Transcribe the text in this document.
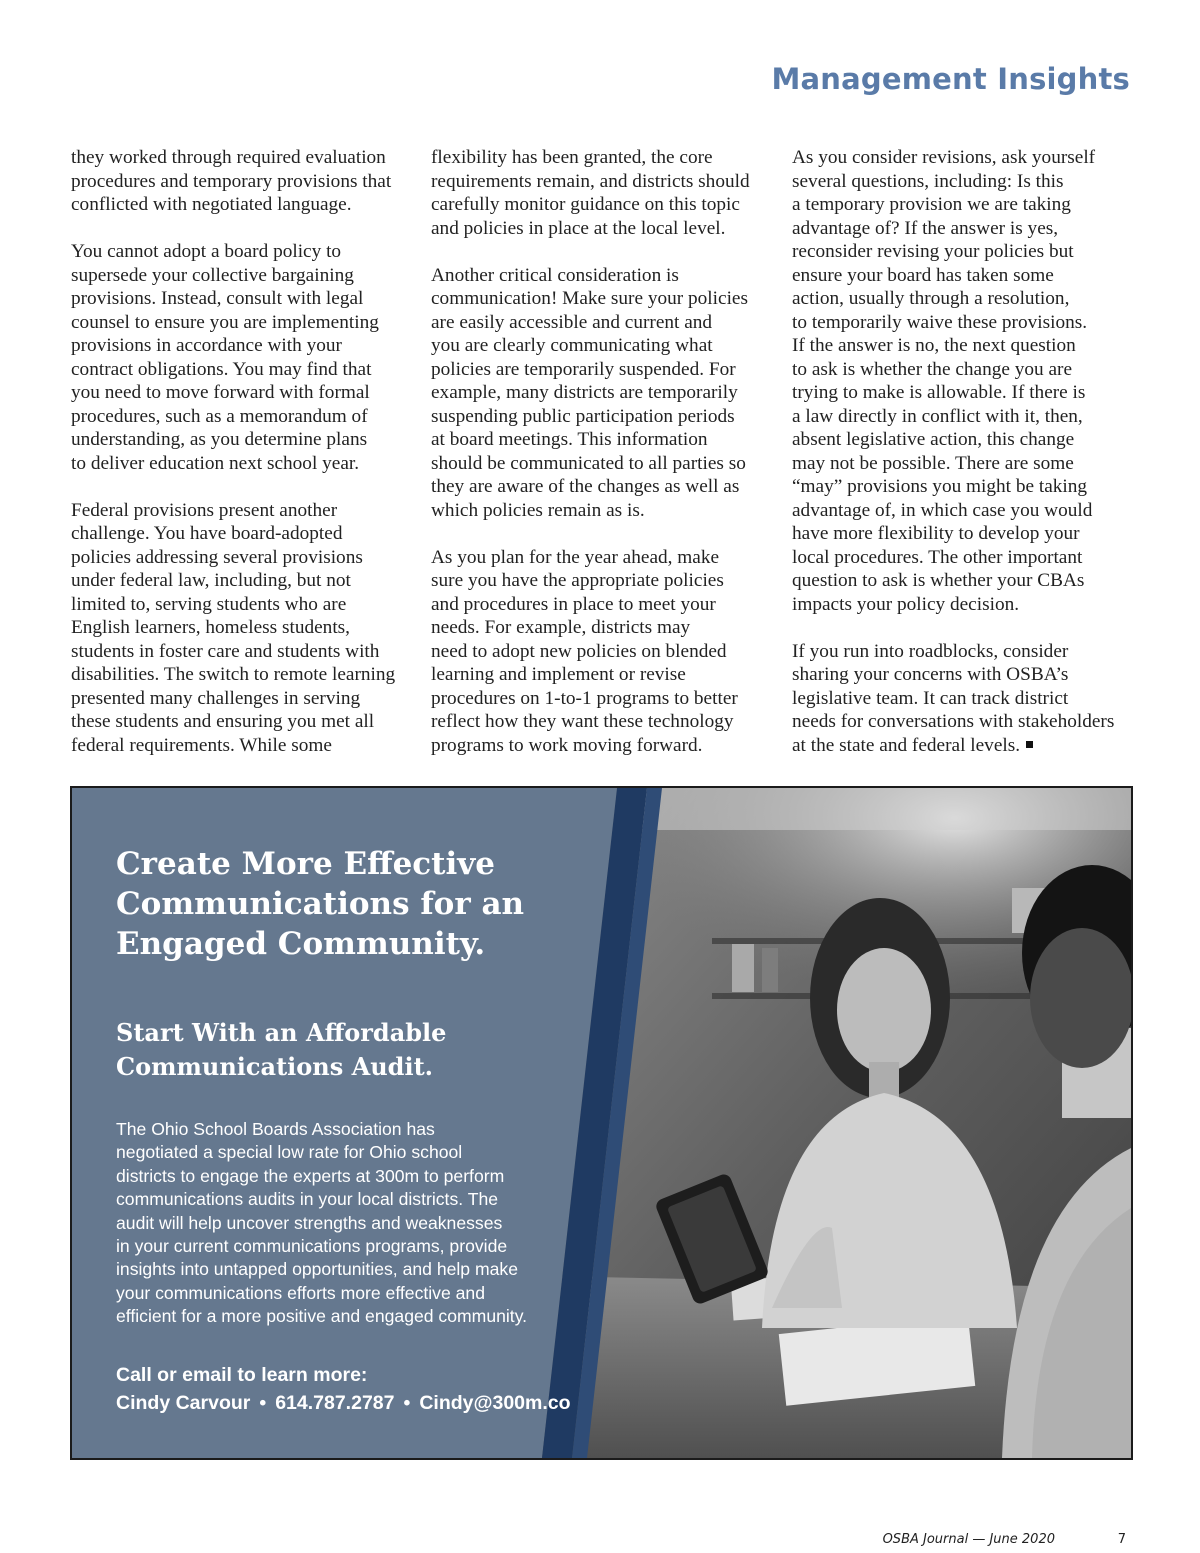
Management Insights

they worked through required evaluation
procedures and temporary provisions that
conflicted with negotiated language.

You cannot adopt a board policy to
supersede your collective bargaining
provisions. Instead, consult with legal
counsel to ensure you are implementing
provisions in accordance with your
contract obligations. You may find that
you need to move forward with formal
procedures, such as a memorandum of
understanding, as you determine plans
to deliver education next school year.

Federal provisions present another
challenge. You have board-adopted
policies addressing several provisions
under federal law, including, but not
limited to, serving students who are
English learners, homeless students,
students in foster care and students with
disabilities. The switch to remote learning
presented many challenges in serving
these students and ensuring you met all
federal requirements. While some

flexibility has been granted, the core
requirements remain, and districts should
carefully monitor guidance on this topic
and policies in place at the local level.

Another critical consideration is
communication! Make sure your policies
are easily accessible and current and
you are clearly communicating what
policies are temporarily suspended. For
example, many districts are temporarily
suspending public participation periods
at board meetings. This information
should be communicated to all parties so
they are aware of the changes as well as
which policies remain as is.

As you plan for the year ahead, make
sure you have the appropriate policies
and procedures in place to meet your
needs. For example, districts may
need to adopt new policies on blended
learning and implement or revise
procedures on 1-to-1 programs to better
reflect how they want these technology
programs to work moving forward.

As you consider revisions, ask yourself
several questions, including: Is this
a temporary provision we are taking
advantage of? If the answer is yes,
reconsider revising your policies but
ensure your board has taken some
action, usually through a resolution,
to temporarily waive these provisions.
If the answer is no, the next question
to ask is whether the change you are
trying to make is allowable. If there is
a law directly in conflict with it, then,
absent legislative action, this change
may not be possible. There are some
“may” provisions you might be taking
advantage of, in which case you would
have more flexibility to develop your
local procedures. The other important
question to ask is whether your CBAs
impacts your policy decision.

If you run into roadblocks, consider
sharing your concerns with OSBA’s
legislative team. It can track district
needs for conversations with stakeholders
at the state and federal levels.

Create More Effective
Communications for an
Engaged Community.
Start With an Affordable
Communications Audit.
The Ohio School Boards Association has
negotiated a special low rate for Ohio school
districts to engage the experts at 300m to perform
communications audits in your local districts. The
audit will help uncover strengths and weaknesses
in your current communications programs, provide
insights into untapped opportunities, and help make
your communications efforts more effective and
efficient for a more positive and engaged community.
Call or email to learn more:
Cindy Carvour • 614.787.2787 • Cindy@300m.co
OSBA Journal — June 2020	7
